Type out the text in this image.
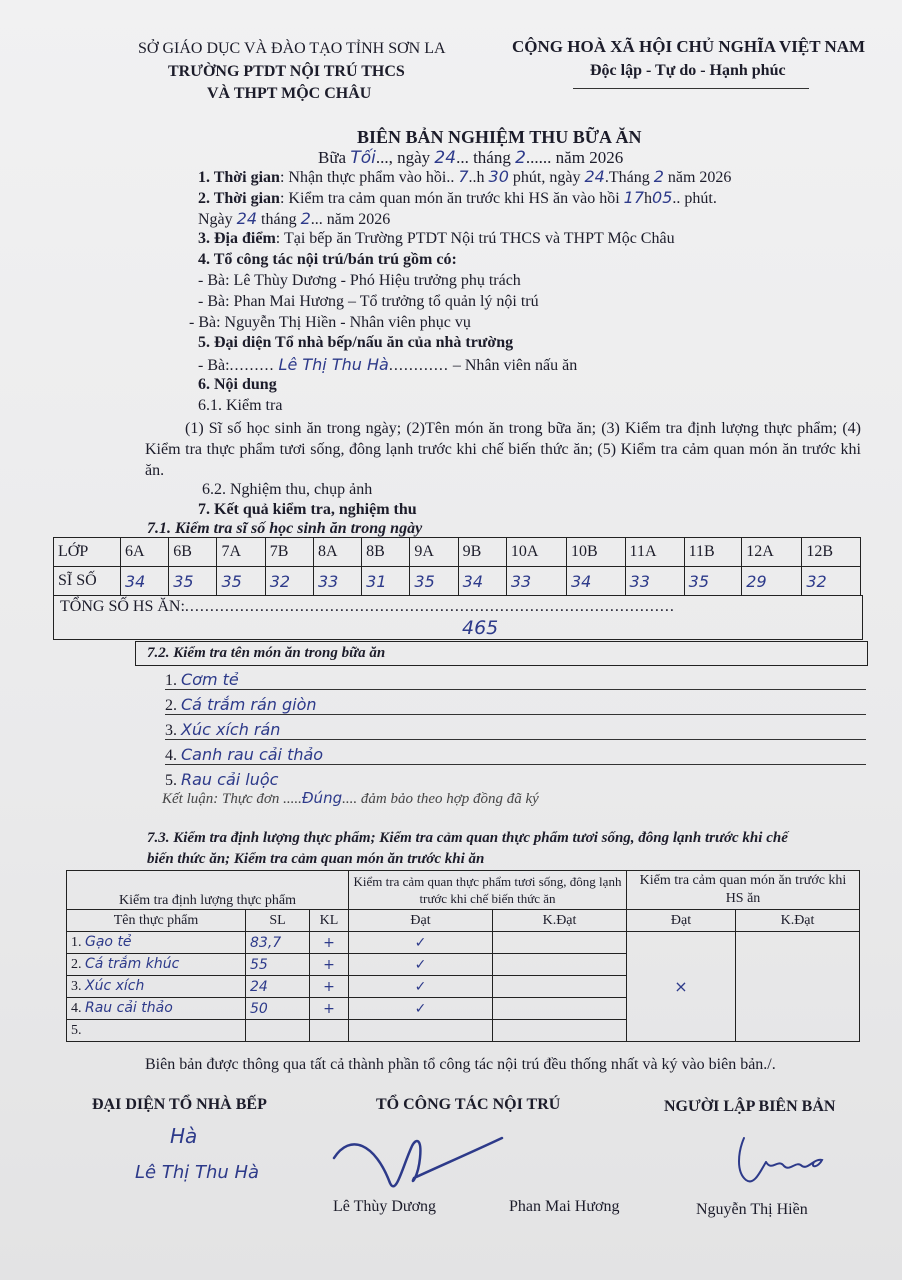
SỞ GIÁO DỤC VÀ ĐÀO TẠO TỈNH SƠN LA
TRƯỜNG PTDT NỘI TRÚ THCS
VÀ THPT MỘC CHÂU
CỘNG HOÀ XÃ HỘI CHỦ NGHĨA VIỆT NAM
Độc lập - Tự do - Hạnh phúc
BIÊN BẢN NGHIỆM THU BỮA ĂN
Bữa Tối..., ngày 24... tháng 2...... năm 2026
1. Thời gian: Nhận thực phẩm vào hồi.. 7..h 30 phút, ngày 24.Tháng 2 năm 2026
2. Thời gian: Kiểm tra cảm quan món ăn trước khi HS ăn vào hồi 17h05.. phút.
Ngày 24 tháng 2... năm 2026
3. Địa điểm: Tại bếp ăn Trường PTDT Nội trú THCS và THPT Mộc Châu
4. Tổ công tác nội trú/bán trú gồm có:
- Bà: Lê Thùy Dương - Phó Hiệu trưởng phụ trách
- Bà: Phan Mai Hương – Tổ trưởng tổ quản lý nội trú
- Bà: Nguyễn Thị Hiền - Nhân viên phục vụ
5. Đại diện Tổ nhà bếp/nấu ăn của nhà trường
- Bà:......... Lê Thị Thu Hà............ – Nhân viên nấu ăn
6. Nội dung
6.1. Kiểm tra
(1) Sĩ số học sinh ăn trong ngày; (2)Tên món ăn trong bữa ăn; (3) Kiểm tra định lượng thực phẩm; (4) Kiểm tra thực phẩm tươi sống, đông lạnh trước khi chế biến thức ăn; (5) Kiểm tra cảm quan món ăn trước khi ăn.
6.2. Nghiệm thu, chụp ảnh
7. Kết quả kiểm tra, nghiệm thu
7.1. Kiểm tra sĩ số học sinh ăn trong ngày
LỚP	6A	6B	7A	7B	8A	8B	9A	9B	10A	10B	11A	11B	12A	12B
SĨ SỐ	34	35	35	32	33	31	35	34	33	34	33	35	29	32
TỔNG SỐ HS ĂN:..................................................................................................
465
7.2. Kiểm tra tên món ăn trong bữa ăn
1. Cơm tẻ
2. Cá trắm rán giòn
3. Xúc xích rán
4. Canh rau cải thảo
5. Rau cải luộc
Kết luận: Thực đơn .....Đúng.... đảm bảo theo hợp đồng đã ký
7.3. Kiểm tra định lượng thực phẩm; Kiểm tra cảm quan thực phẩm tươi sống, đông lạnh trước khi chế
biến thức ăn; Kiểm tra cảm quan món ăn trước khi ăn
Kiểm tra định lượng thực phẩm			Kiểm tra cảm quan thực phẩm tươi sống, đông lạnh trước khi chế biến thức ăn		Kiểm tra cảm quan món ăn trước khi HS ăn	
Tên thực phẩm	SL	KL	Đạt	K.Đạt	Đạt	K.Đạt
1. Gạo tẻ	83,7	+	✓		×	
2. Cá trắm khúc	55	+	✓			
3. Xúc xích	24	+	✓			
4. Rau cải thảo	50	+	✓			
5.						
Biên bản được thông qua tất cả thành phần tổ công tác nội trú đều thống nhất và ký vào biên bản./.
ĐẠI DIỆN TỔ NHÀ BẾP	TỔ CÔNG TÁC NỘI TRÚ	NGƯỜI LẬP BIÊN BẢN
Hà
Lê Thị Thu Hà
Lê Thùy Dương	Phan Mai Hương	Nguyễn Thị Hiền
